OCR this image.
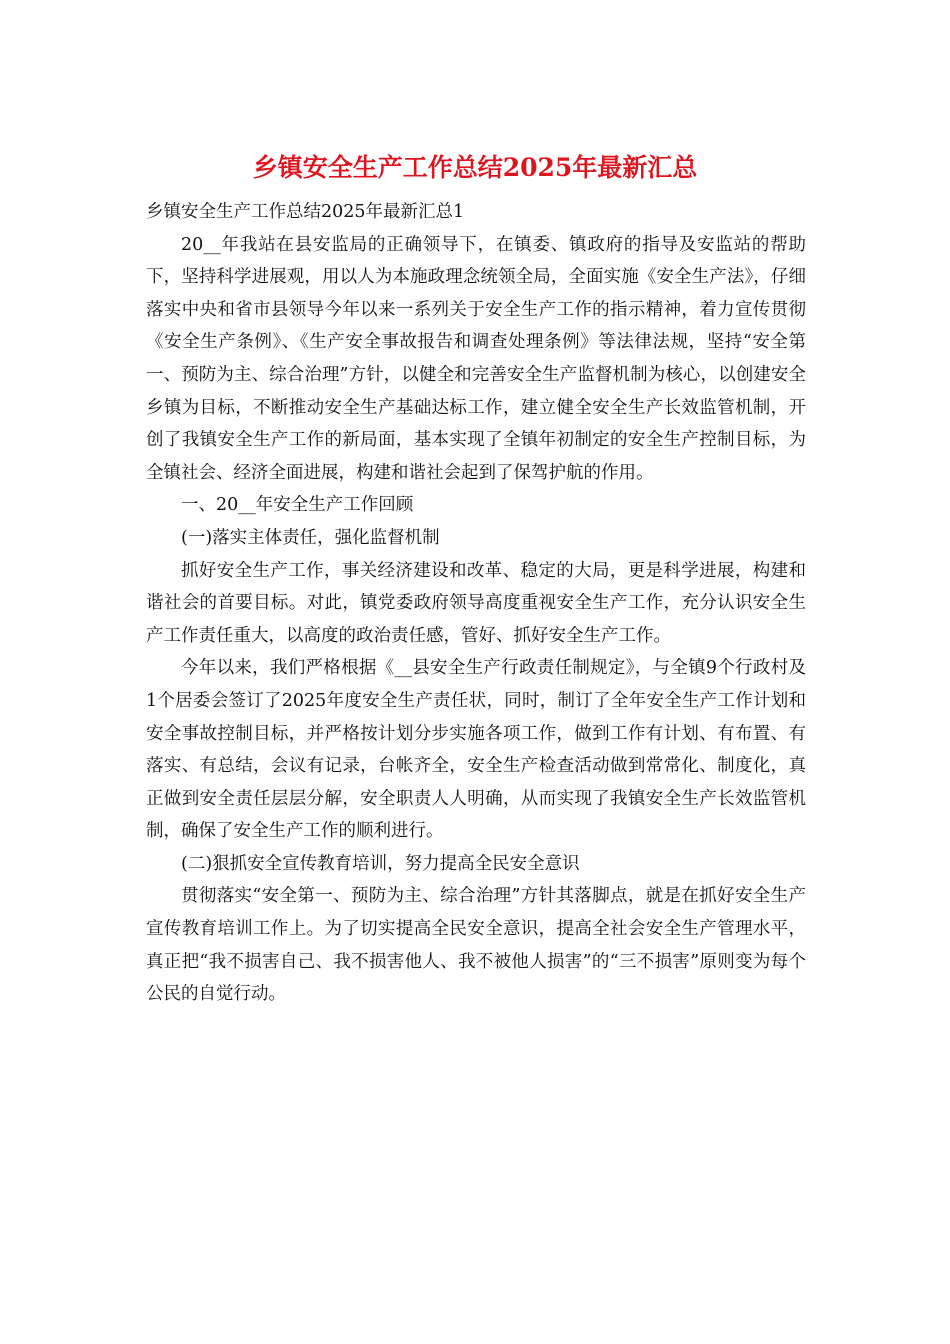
乡镇安全生产工作总结2025年最新汇总

乡镇安全生产工作总结2025年最新汇总1

20__年我站在县安监局的正确领导下，在镇委、镇政府的指导及安监站的帮助下，坚持科学进展观，用以人为本施政理念统领全局，全面实施《安全生产法》，仔细落实中央和省市县领导今年以来一系列关于安全生产工作的指示精神，着力宣传贯彻《安全生产条例》、《生产安全事故报告和调查处理条例》等法律法规，坚持“安全第一、预防为主、综合治理”方针，以健全和完善安全生产监督机制为核心，以创建安全乡镇为目标，不断推动安全生产基础达标工作，建立健全安全生产长效监管机制，开创了我镇安全生产工作的新局面，基本实现了全镇年初制定的安全生产控制目标，为全镇社会、经济全面进展，构建和谐社会起到了保驾护航的作用。

一、20__年安全生产工作回顾

(一)落实主体责任，强化监督机制

抓好安全生产工作，事关经济建设和改革、稳定的大局，更是科学进展，构建和谐社会的首要目标。对此，镇党委政府领导高度重视安全生产工作，充分认识安全生产工作责任重大，以高度的政治责任感，管好、抓好安全生产工作。

今年以来，我们严格根据《__县安全生产行政责任制规定》，与全镇9个行政村及1个居委会签订了2025年度安全生产责任状，同时，制订了全年安全生产工作计划和安全事故控制目标，并严格按计划分步实施各项工作，做到工作有计划、有布置、有落实、有总结，会议有记录，台帐齐全，安全生产检查活动做到常常化、制度化，真正做到安全责任层层分解，安全职责人人明确，从而实现了我镇安全生产长效监管机制，确保了安全生产工作的顺利进行。

(二)狠抓安全宣传教育培训，努力提高全民安全意识

贯彻落实“安全第一、预防为主、综合治理”方针其落脚点，就是在抓好安全生产宣传教育培训工作上。为了切实提高全民安全意识，提高全社会安全生产管理水平，真正把“我不损害自己、我不损害他人、我不被他人损害”的“三不损害”原则变为每个公民的自觉行动。
